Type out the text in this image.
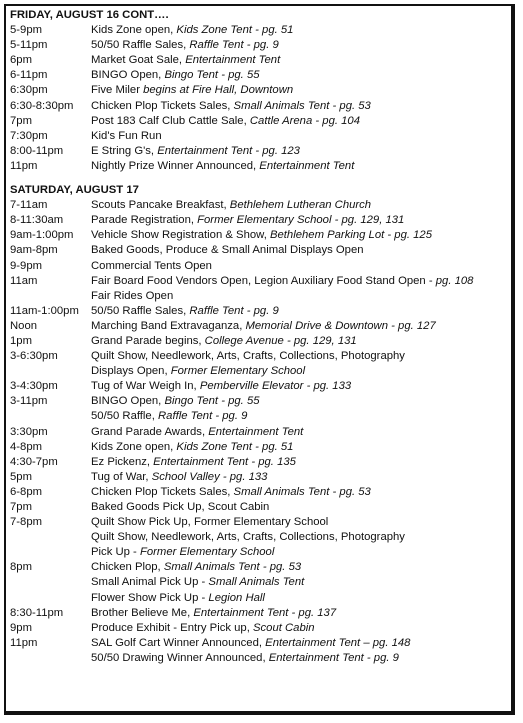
FRIDAY, AUGUST 16 CONT….
5-9pm	Kids Zone open, Kids Zone Tent - pg. 51
5-11pm	50/50 Raffle Sales, Raffle Tent - pg. 9
6pm	Market Goat Sale, Entertainment Tent
6-11pm	BINGO Open, Bingo Tent - pg. 55
6:30pm	Five Miler begins at Fire Hall, Downtown
6:30-8:30pm	Chicken Plop Tickets Sales, Small Animals Tent - pg. 53
7pm	Post 183 Calf Club Cattle Sale, Cattle Arena - pg. 104
7:30pm	Kid's Fun Run
8:00-11pm	E String G's, Entertainment Tent - pg. 123
11pm	Nightly Prize Winner Announced, Entertainment Tent
SATURDAY, AUGUST 17
7-11am	Scouts Pancake Breakfast, Bethlehem Lutheran Church
8-11:30am	Parade Registration, Former Elementary School - pg. 129, 131
9am-1:00pm	Vehicle Show Registration & Show, Bethlehem Parking Lot - pg. 125
9am-8pm	Baked Goods, Produce & Small Animal Displays Open
9-9pm	Commercial Tents Open
11am	Fair Board Food Vendors Open, Legion Auxiliary Food Stand Open - pg. 108
Fair Rides Open
11am-1:00pm	50/50 Raffle Sales, Raffle Tent - pg. 9
Noon	Marching Band Extravaganza, Memorial Drive & Downtown - pg. 127
1pm	Grand Parade begins, College Avenue - pg. 129, 131
3-6:30pm	Quilt Show, Needlework, Arts, Crafts, Collections, Photography
Displays Open, Former Elementary School
3-4:30pm	Tug of War Weigh In, Pemberville Elevator - pg. 133
3-11pm	BINGO Open, Bingo Tent - pg. 55
50/50 Raffle, Raffle Tent - pg. 9
3:30pm	Grand Parade Awards, Entertainment Tent
4-8pm	Kids Zone open, Kids Zone Tent - pg. 51
4:30-7pm	Ez Pickenz, Entertainment Tent - pg. 135
5pm	Tug of War, School Valley - pg. 133
6-8pm	Chicken Plop Tickets Sales, Small Animals Tent - pg. 53
7pm	Baked Goods Pick Up, Scout Cabin
7-8pm	Quilt Show Pick Up, Former Elementary School
Quilt Show, Needlework, Arts, Crafts, Collections, Photography
Pick Up - Former Elementary School
8pm	Chicken Plop, Small Animals Tent - pg. 53
Small Animal Pick Up - Small Animals Tent
Flower Show Pick Up - Legion Hall
8:30-11pm	Brother Believe Me, Entertainment Tent - pg. 137
9pm	Produce Exhibit - Entry Pick up, Scout Cabin
11pm	SAL Golf Cart Winner Announced, Entertainment Tent – pg. 148
50/50 Drawing Winner Announced, Entertainment Tent - pg. 9
